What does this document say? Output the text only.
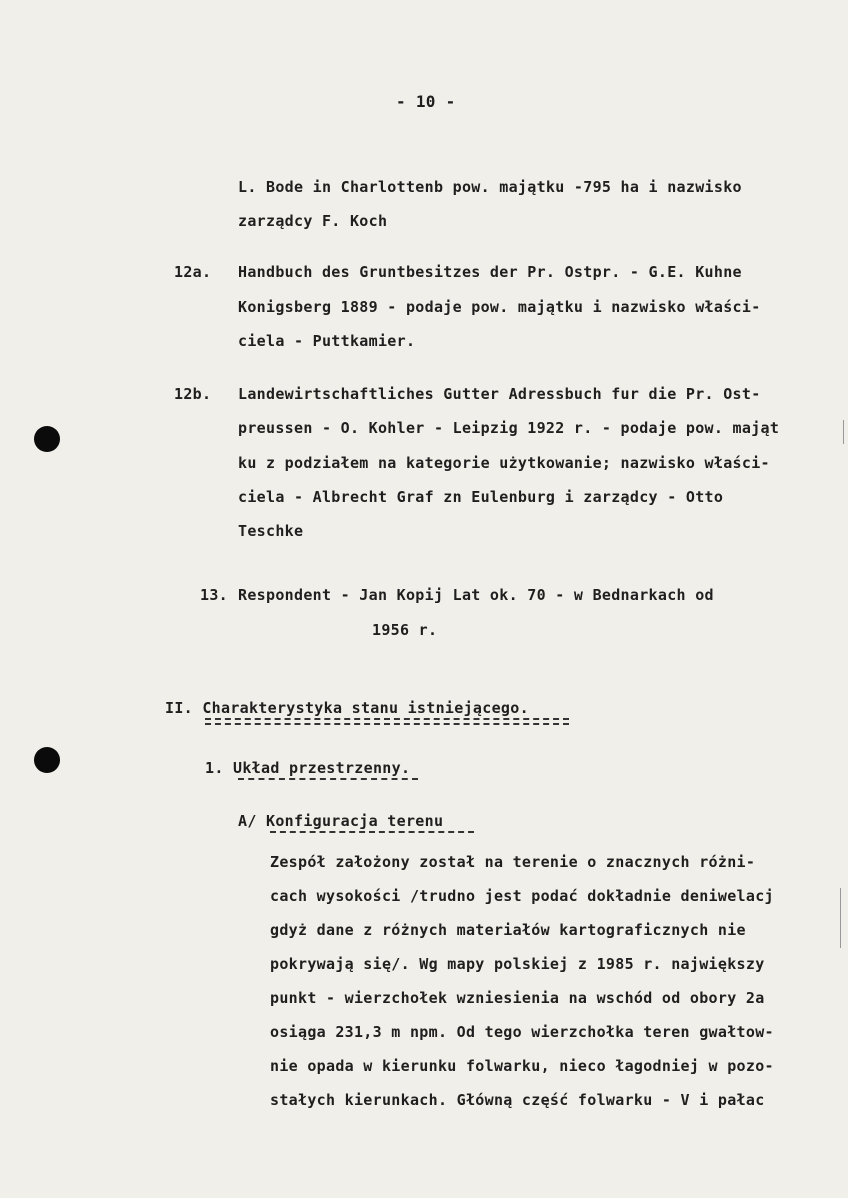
- 10 -
L. Bode in Charlottenb pow. majątku -795 ha i nazwisko
zarządcy F. Koch
12a. Handbuch des Gruntbesitzes der Pr. Ostpr. - G.E. Kuhne
Konigsberg 1889 - podaje pow. majątku i nazwisko właści-
ciela - Puttkamier.
12b. Landewirtschaftliches Gutter Adressbuch fur die Pr. Ost-
preussen - O. Kohler - Leipzig 1922 r. - podaje pow. mająt
ku z podziałem na kategorie użytkowanie; nazwisko właści-
ciela - Albrecht Graf zn Eulenburg i zarządcy - Otto
Teschke
13. Respondent - Jan Kopij Lat ok. 70 - w Bednarkach od
1956 r.
II. Charakterystyka stanu istniejącego.
1. Układ przestrzenny.
A/ Konfiguracja terenu
Zespół założony został na terenie o znacznych różni-
cach wysokości /trudno jest podać dokładnie deniwelacj
gdyż dane z różnych materiałów kartograficznych nie
pokrywają się/. Wg mapy polskiej z 1985 r. największy
punkt - wierzchołek wzniesienia na wschód od obory 2a
osiąga 231,3 m npm. Od tego wierzchołka teren gwałtow-
nie opada w kierunku folwarku, nieco łagodniej w pozo-
stałych kierunkach. Główną część folwarku - V i pałac
